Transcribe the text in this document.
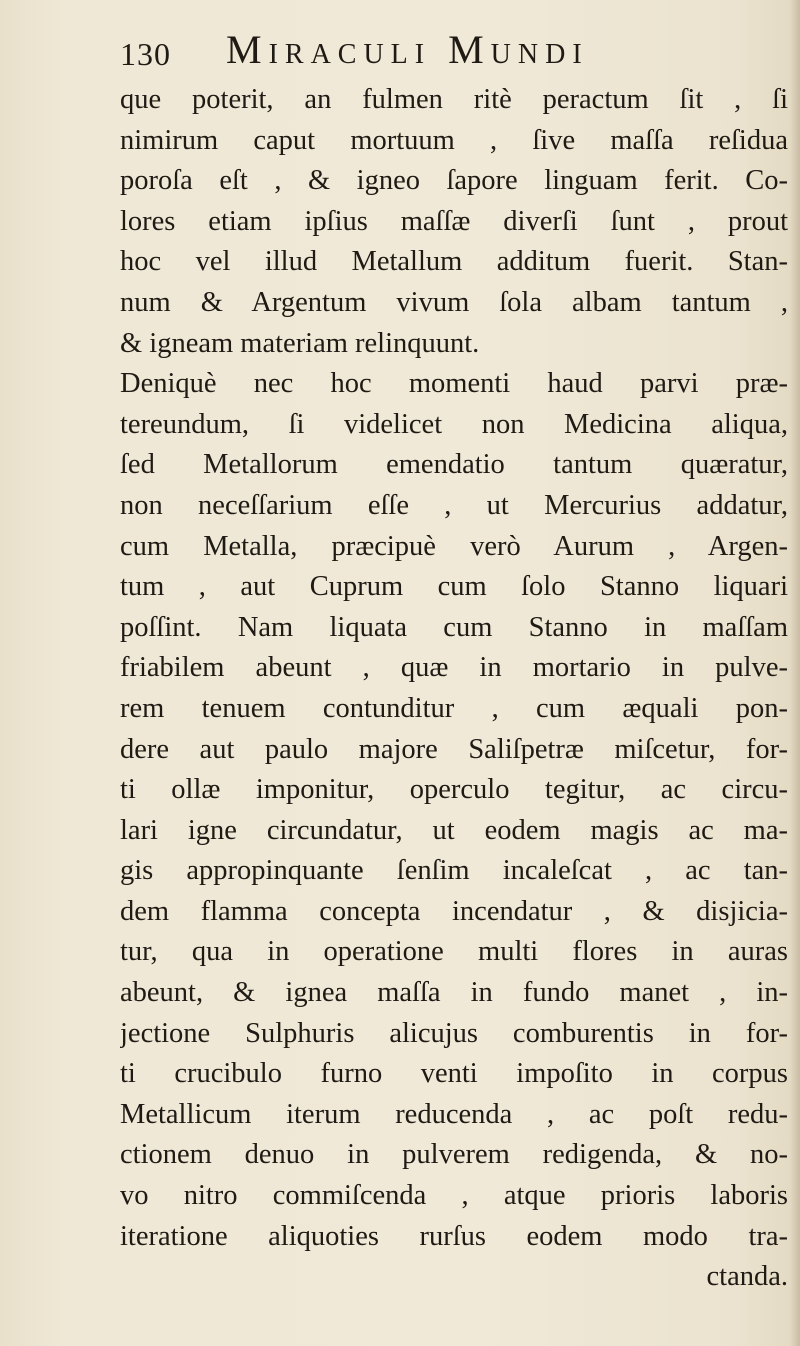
130 Miraculi Mundi
que poterit, an fulmen ritè peractum ſit , ſi
nimirum caput mortuum , ſive maſſa reſidua
poroſa eſt , & igneo ſapore linguam ferit. Co-
lores etiam ipſius maſſæ diverſi ſunt , prout
hoc vel illud Metallum additum fuerit. Stan-
num & Argentum vivum ſola albam tantum ,
& igneam materiam relinquunt.
Deniquè nec hoc momenti haud parvi præ-
tereundum, ſi videlicet non Medicina aliqua,
ſed Metallorum emendatio tantum quæratur,
non neceſſarium eſſe , ut Mercurius addatur,
cum Metalla, præcipuè verò Aurum , Argen-
tum , aut Cuprum cum ſolo Stanno liquari
poſſint. Nam liquata cum Stanno in maſſam
friabilem abeunt , quæ in mortario in pulve-
rem tenuem contunditur , cum æquali pon-
dere aut paulo majore Saliſpetræ miſcetur, for-
ti ollæ imponitur, operculo tegitur, ac circu-
lari igne circundatur, ut eodem magis ac ma-
gis appropinquante ſenſim incaleſcat , ac tan-
dem flamma concepta incendatur , & disjicia-
tur, qua in operatione multi flores in auras
abeunt, & ignea maſſa in fundo manet , in-
jectione Sulphuris alicujus comburentis in for-
ti crucibulo furno venti impoſito in corpus
Metallicum iterum reducenda , ac poſt redu-
ctionem denuo in pulverem redigenda, & no-
vo nitro commiſcenda , atque prioris laboris
iteratione aliquoties rurſus eodem modo tra-
ctanda.
